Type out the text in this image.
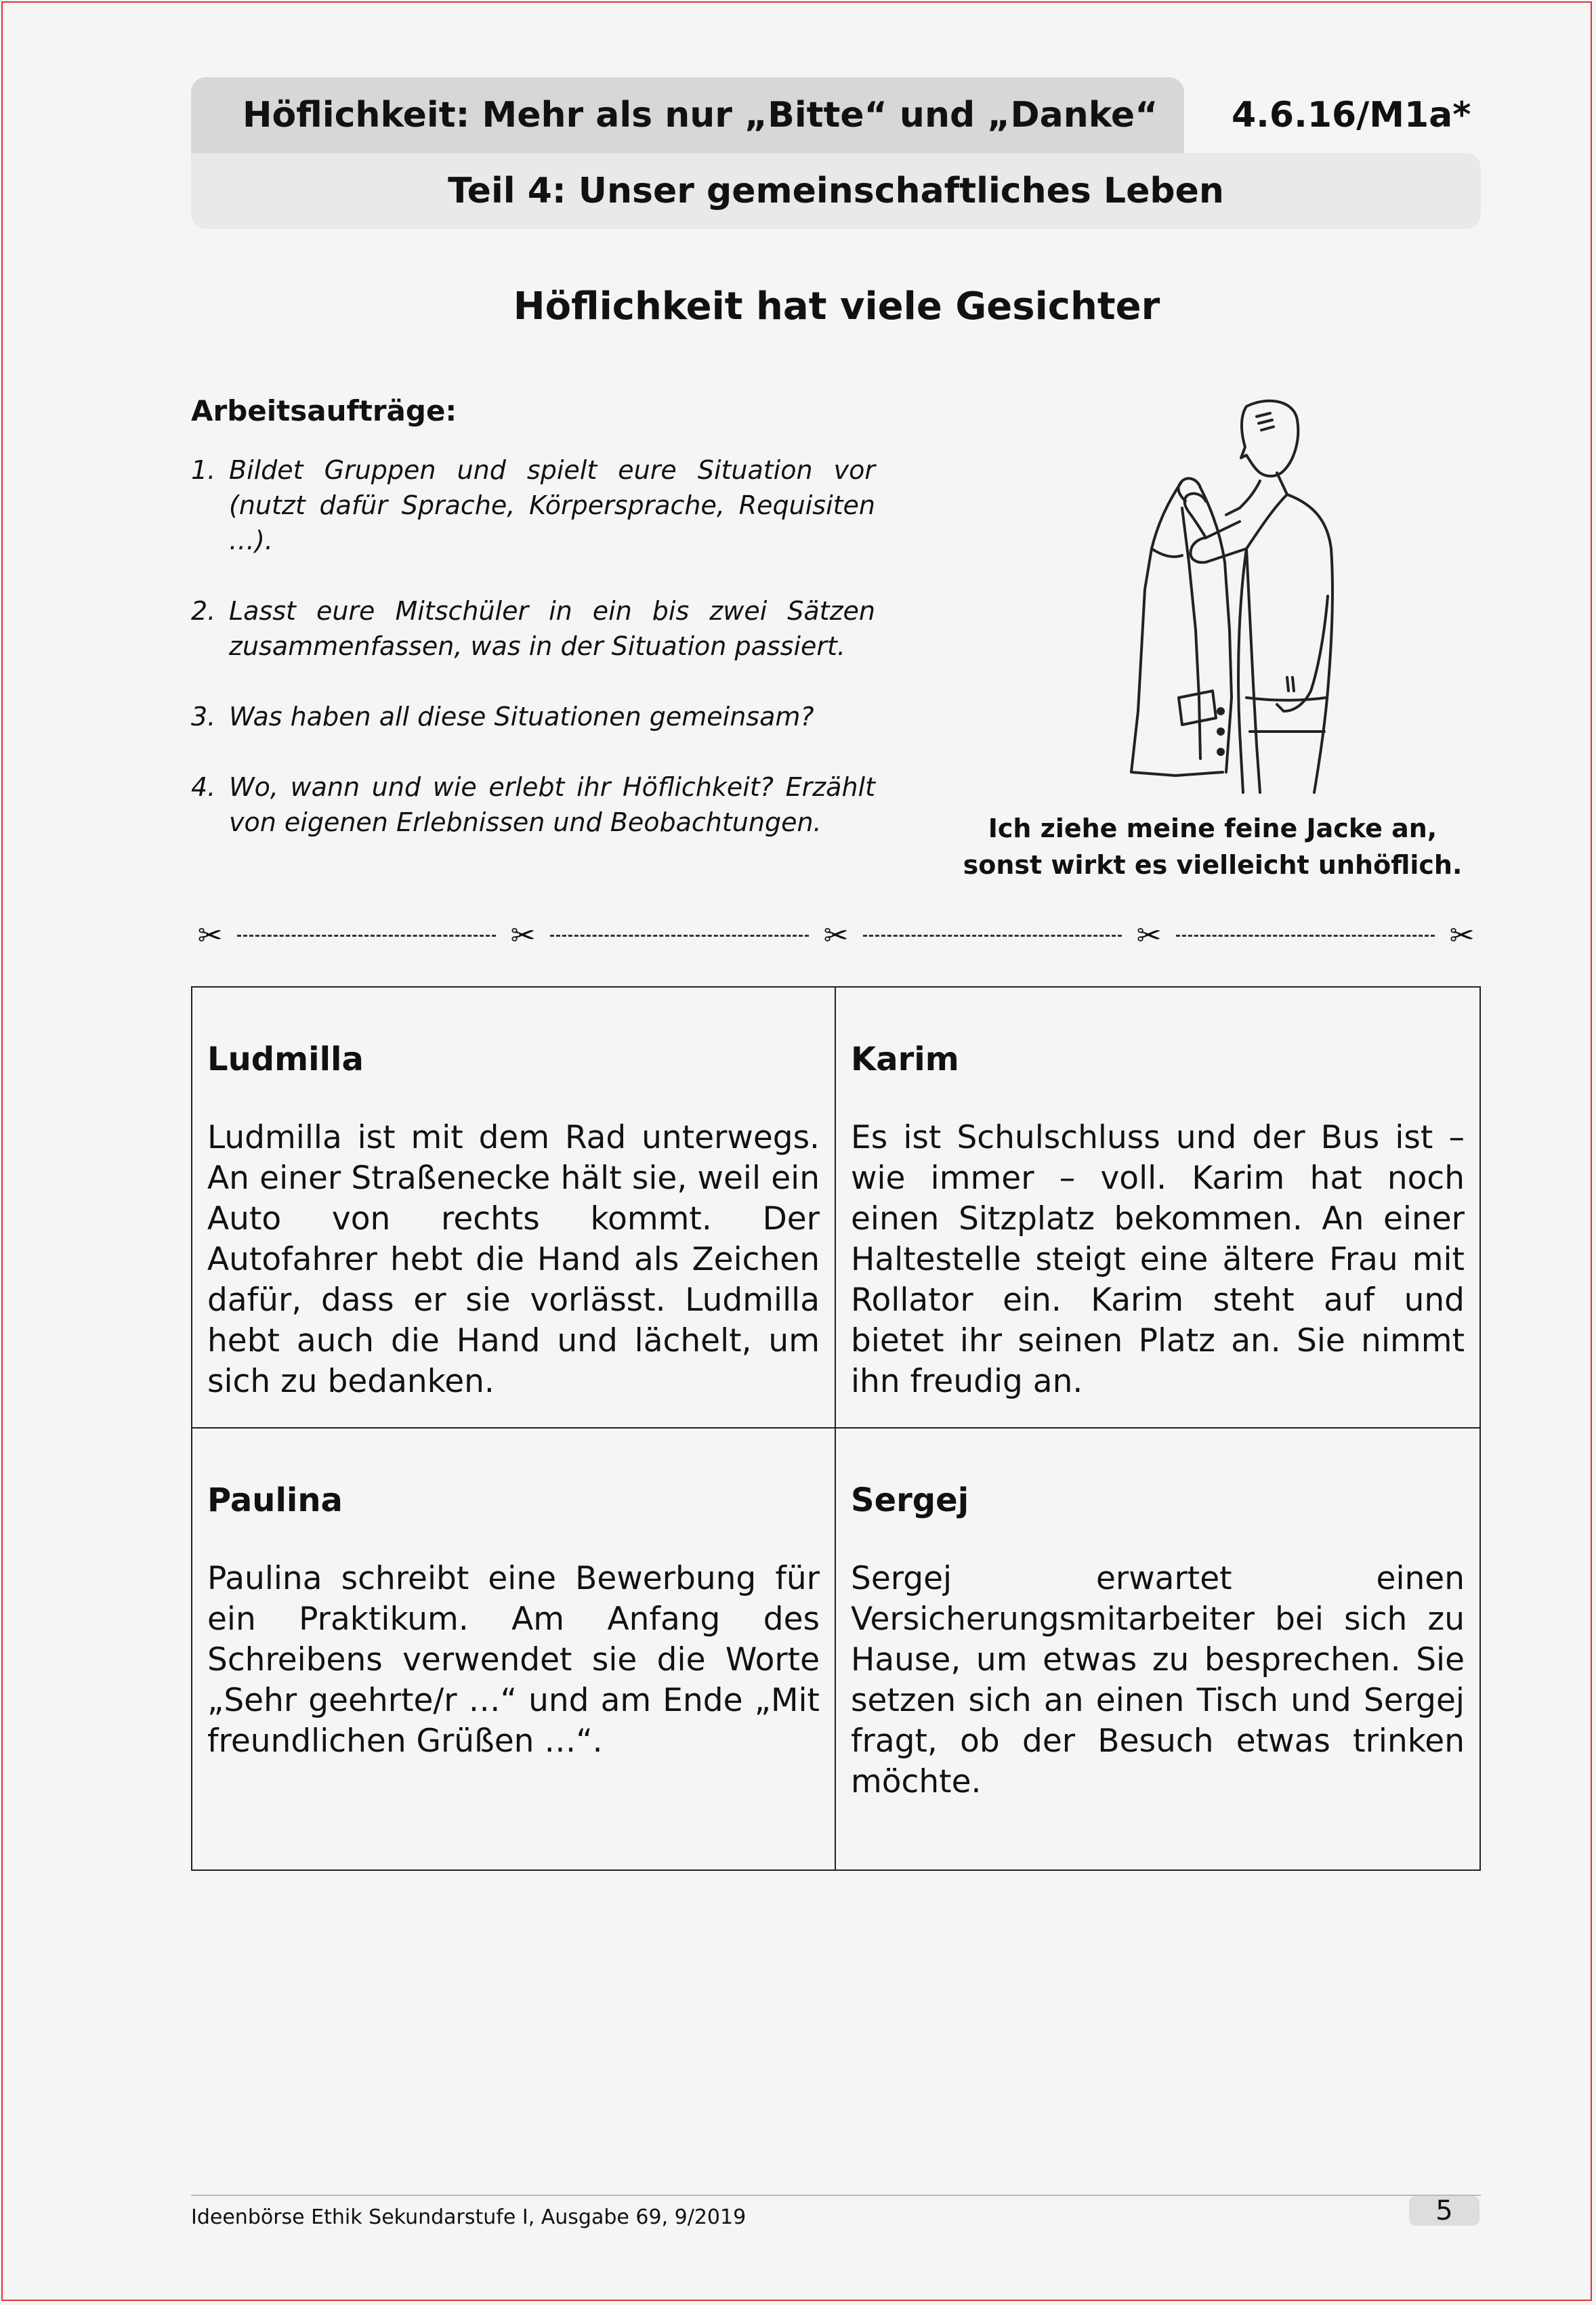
Höflichkeit: Mehr als nur „Bitte“ und „Danke“ 4.6.16/M1a*
Teil 4: Unser gemeinschaftliches Leben
Höflichkeit hat viele Gesichter
Arbeitsaufträge:
1. Bildet Gruppen und spielt eure Situation vor (nutzt dafür Sprache, Körpersprache, Requisiten …).
2. Lasst eure Mitschüler in ein bis zwei Sätzen zusammenfassen, was in der Situation passiert.
3. Was haben all diese Situationen gemeinsam?
4. Wo, wann und wie erlebt ihr Höflichkeit? Erzählt von eigenen Erlebnissen und Beobachtungen.	Ich ziehe meine feine Jacke an,
sonst wirkt es vielleicht unhöflich.
✂	✂	✂	✂	✂
Ludmilla
Ludmilla ist mit dem Rad unterwegs. An einer Straßenecke hält sie, weil ein Auto von rechts kommt. Der Autofahrer hebt die Hand als Zeichen dafür, dass er sie vorlässt. Ludmilla hebt auch die Hand und lächelt, um sich zu bedanken.
Karim
Es ist Schulschluss und der Bus ist – wie immer – voll. Karim hat noch einen Sitzplatz bekommen. An einer Haltestelle steigt eine ältere Frau mit Rollator ein. Karim steht auf und bietet ihr seinen Platz an. Sie nimmt ihn freudig an.
Paulina
Paulina schreibt eine Bewerbung für ein Praktikum. Am Anfang des Schreibens verwendet sie die Worte „Sehr geehrte/r …“ und am Ende „Mit freundlichen Grüßen …“.
Sergej
Sergej erwartet einen Versicherungsmitarbeiter bei sich zu Hause, um etwas zu besprechen. Sie setzen sich an einen Tisch und Sergej fragt, ob der Besuch etwas trinken möchte.
Ideenbörse Ethik Sekundarstufe I, Ausgabe 69, 9/2019	5
